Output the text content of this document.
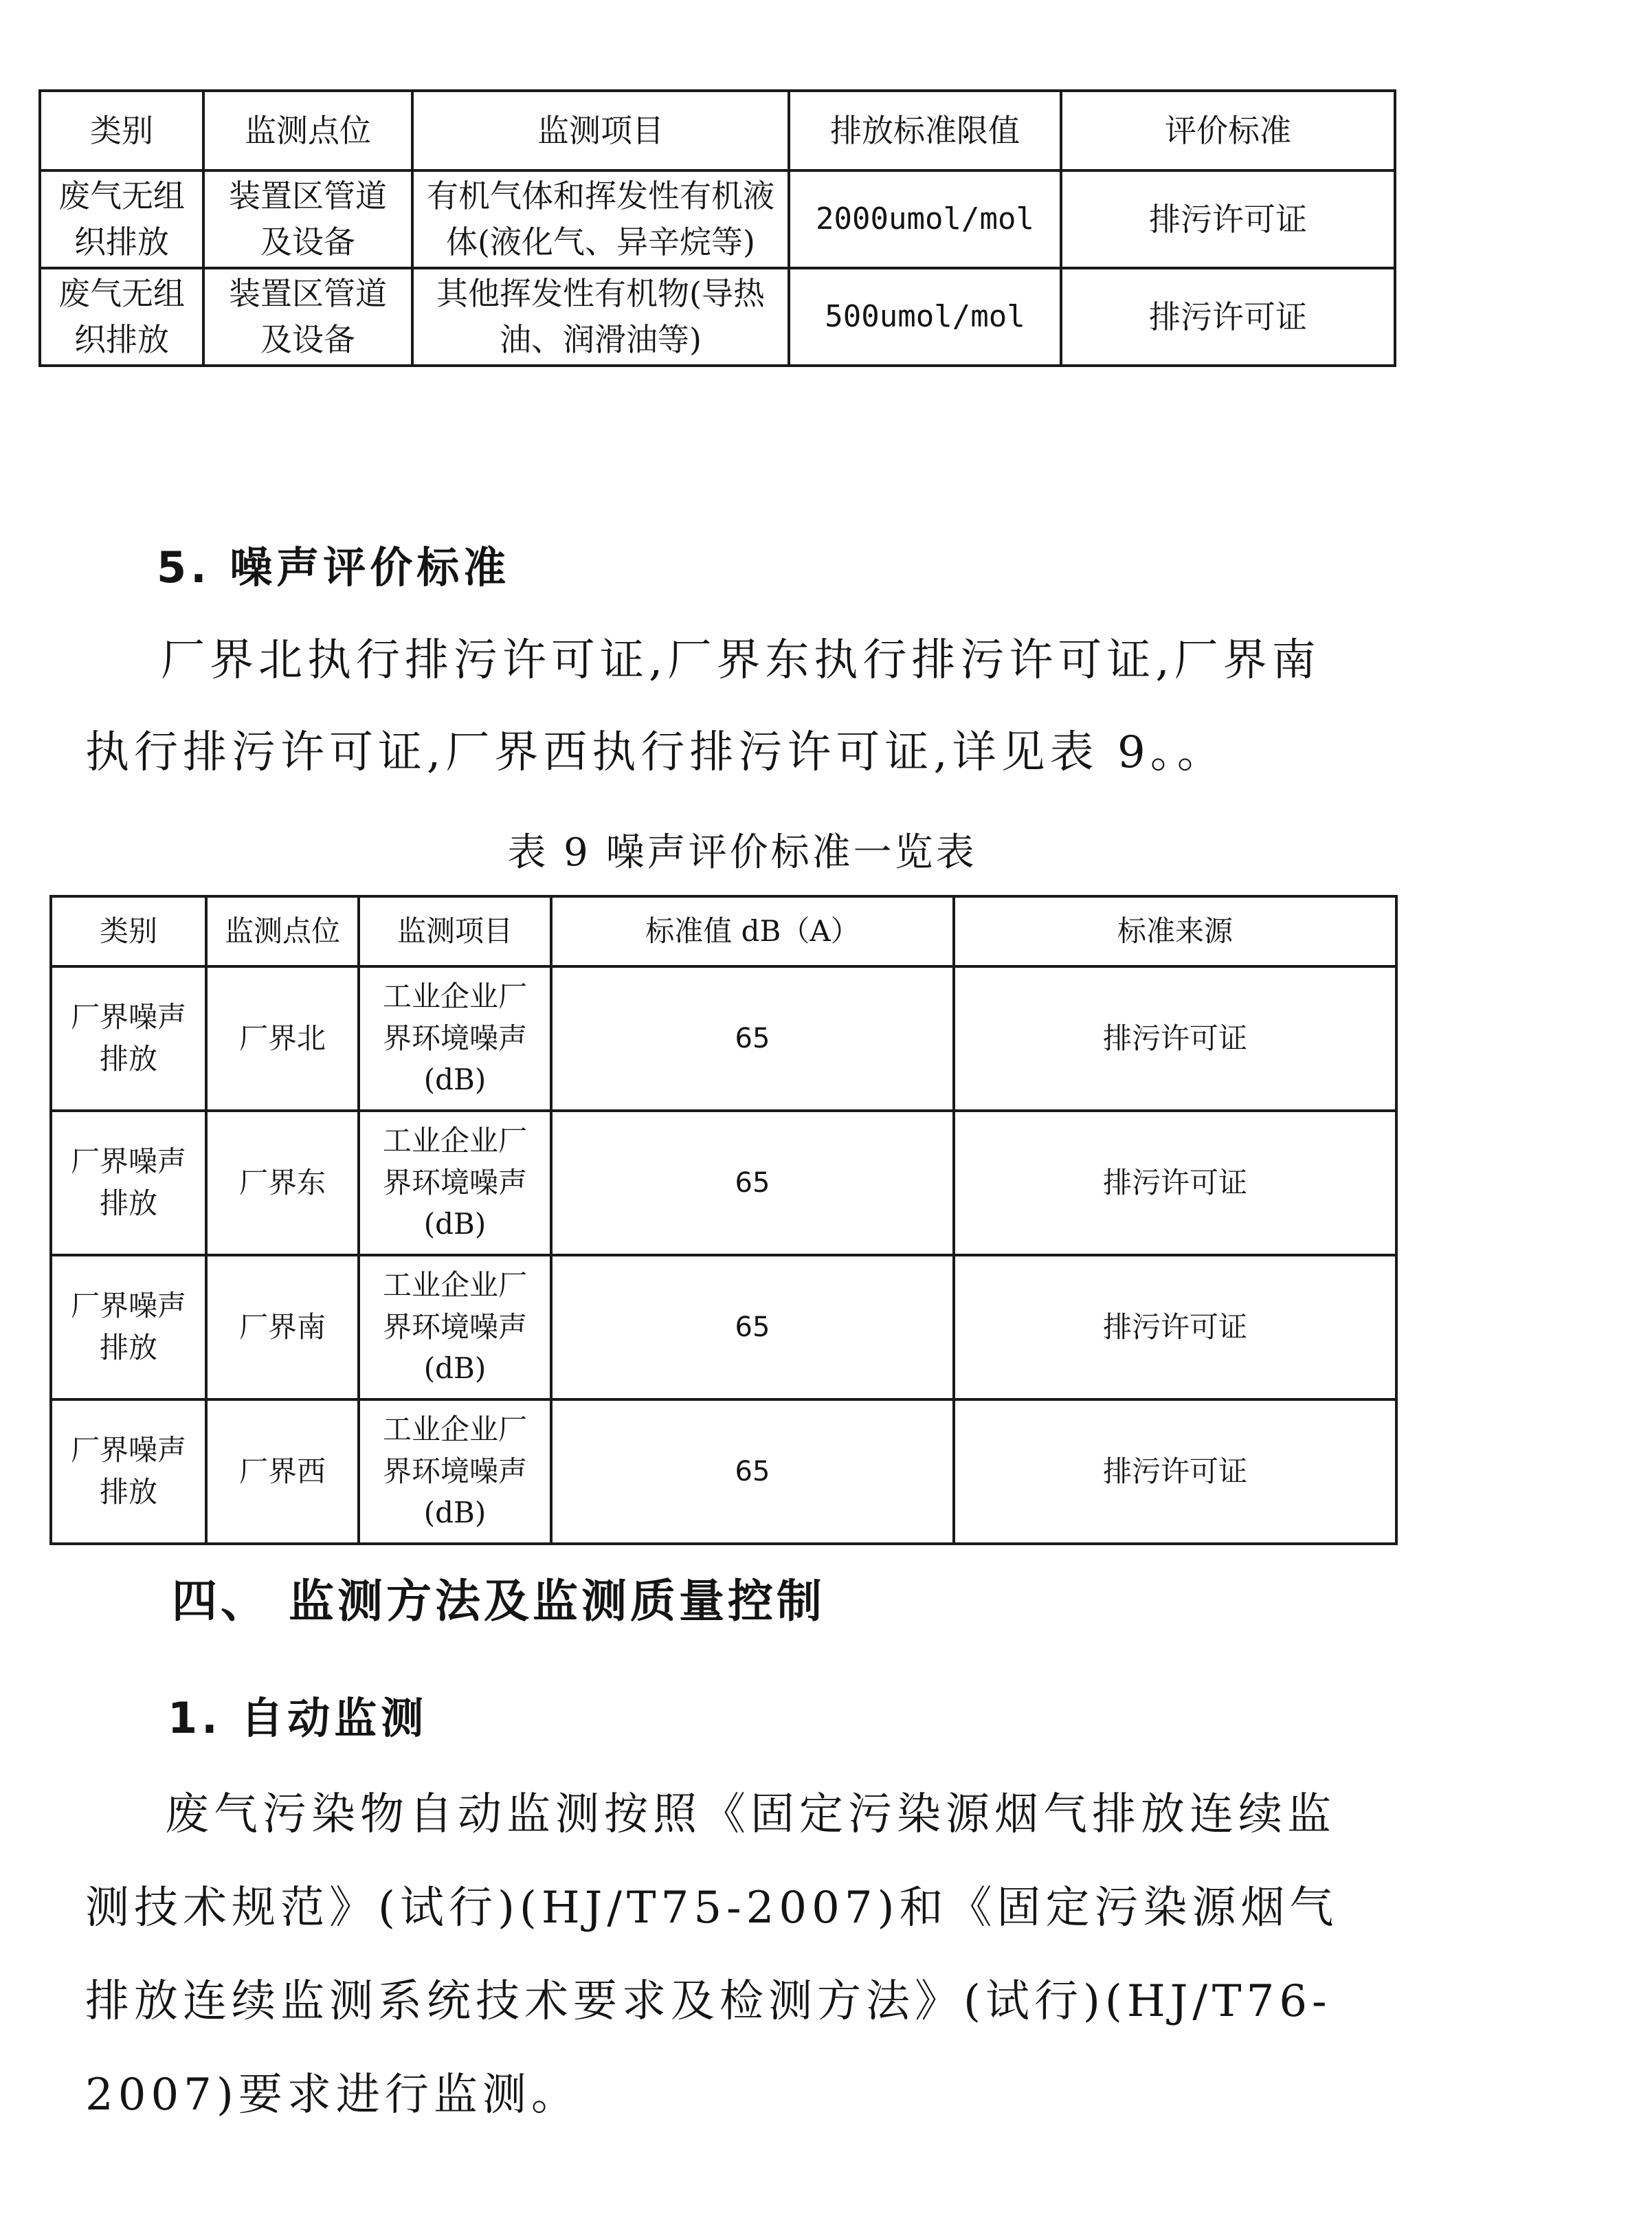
类别	监测点位	监测项目	排放标准限值	评价标准
废气无组织排放	装置区管道及设备	有机气体和挥发性有机液体(液化气、异辛烷等)	2000umol/mol	排污许可证
废气无组织排放	装置区管道及设备	其他挥发性有机物(导热油、润滑油等)	500umol/mol	排污许可证
5. 噪声评价标准
厂界北执行排污许可证,厂界东执行排污许可证,厂界南执行排污许可证,厂界西执行排污许可证,详见表 9。。
表 9 噪声评价标准一览表
类别	监测点位	监测项目	标准值 dB（A）	标准来源
厂界噪声排放	厂界北	工业企业厂界环境噪声(dB)	65	排污许可证
厂界噪声排放	厂界东	工业企业厂界环境噪声(dB)	65	排污许可证
厂界噪声排放	厂界南	工业企业厂界环境噪声(dB)	65	排污许可证
厂界噪声排放	厂界西	工业企业厂界环境噪声(dB)	65	排污许可证
四、 监测方法及监测质量控制
1. 自动监测
废气污染物自动监测按照《固定污染源烟气排放连续监测技术规范》(试行)(HJ/T75-2007)和《固定污染源烟气排放连续监测系统技术要求及检测方法》(试行)(HJ/T76-2007)要求进行监测。
